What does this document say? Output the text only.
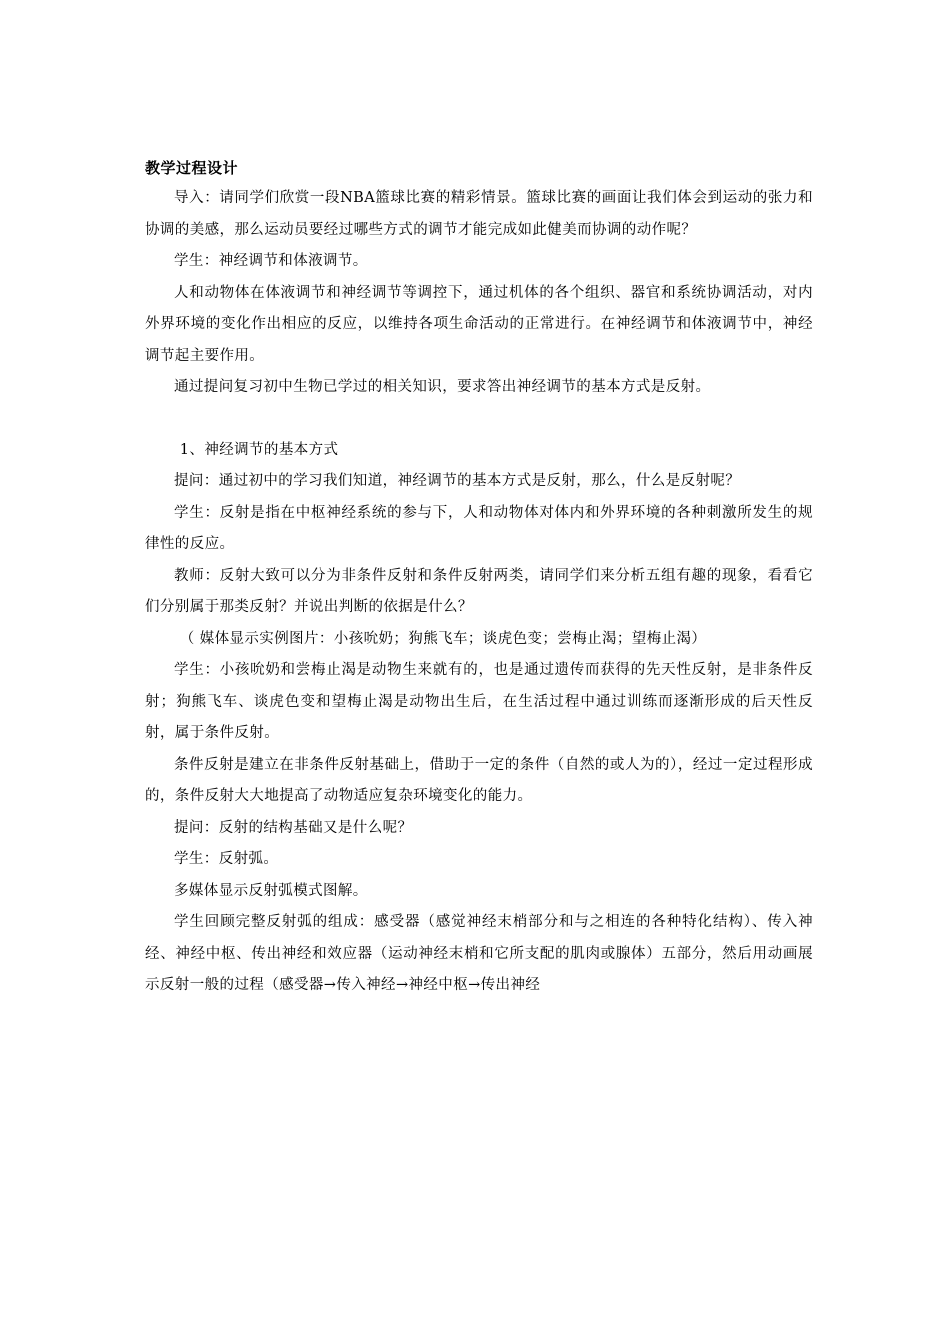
教学过程设计

导入：请同学们欣赏一段NBA篮球比赛的精彩情景。篮球比赛的画面让我们体会到运动的张力和协调的美感，那么运动员要经过哪些方式的调节才能完成如此健美而协调的动作呢？

学生：神经调节和体液调节。

人和动物体在体液调节和神经调节等调控下，通过机体的各个组织、器官和系统协调活动，对内外界环境的变化作出相应的反应，以维持各项生命活动的正常进行。在神经调节和体液调节中，神经调节起主要作用。

通过提问复习初中生物已学过的相关知识，要求答出神经调节的基本方式是反射。

1、神经调节的基本方式

提问：通过初中的学习我们知道，神经调节的基本方式是反射，那么，什么是反射呢？

学生：反射是指在中枢神经系统的参与下，人和动物体对体内和外界环境的各种刺激所发生的规律性的反应。

教师：反射大致可以分为非条件反射和条件反射两类，请同学们来分析五组有趣的现象，看看它们分别属于那类反射？并说出判断的依据是什么？

（ 媒体显示实例图片：小孩吮奶；狗熊飞车；谈虎色变；尝梅止渴；望梅止渴）

学生：小孩吮奶和尝梅止渴是动物生来就有的，也是通过遗传而获得的先天性反射，是非条件反射；狗熊飞车、谈虎色变和望梅止渴是动物出生后，在生活过程中通过训练而逐渐形成的后天性反射，属于条件反射。

条件反射是建立在非条件反射基础上，借助于一定的条件（自然的或人为的），经过一定过程形成的，条件反射大大地提高了动物适应复杂环境变化的能力。

提问：反射的结构基础又是什么呢？

学生：反射弧。

多媒体显示反射弧模式图解。

学生回顾完整反射弧的组成：感受器（感觉神经末梢部分和与之相连的各种特化结构）、传入神经、神经中枢、传出神经和效应器（运动神经末梢和它所支配的肌肉或腺体）五部分，然后用动画展示反射一般的过程（感受器→传入神经→神经中枢→传出神经
